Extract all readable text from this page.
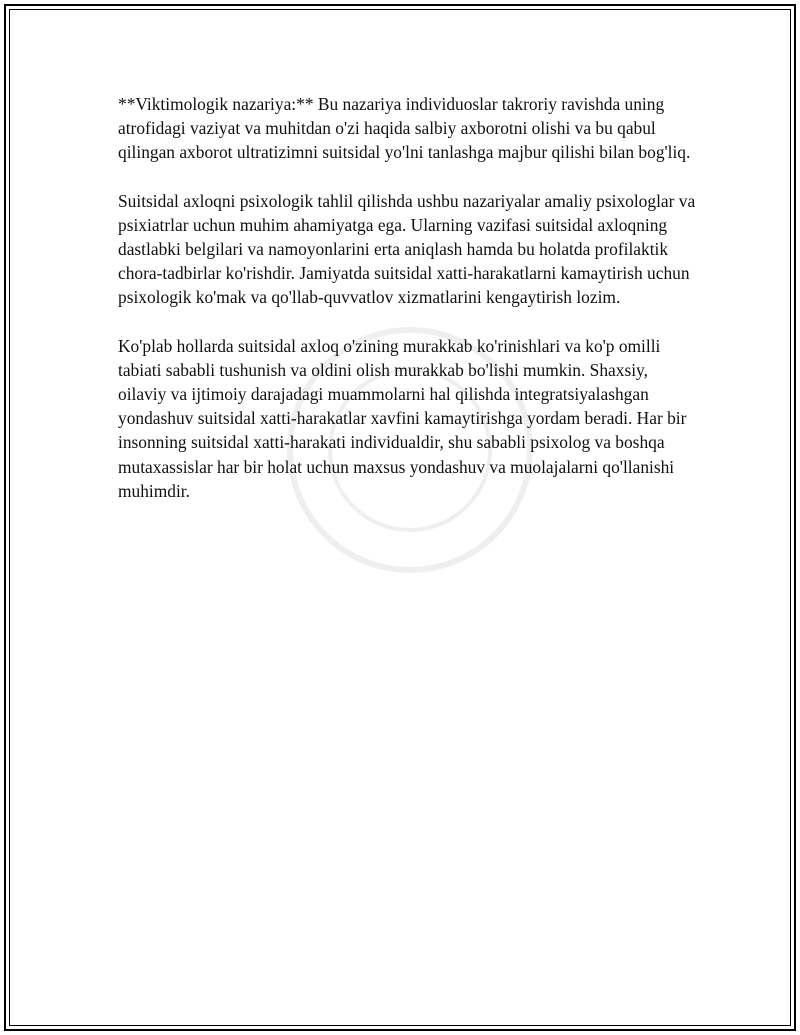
**Viktimologik nazariya:** Bu nazariya individuoslar takroriy ravishda uning atrofidagi vaziyat va muhitdan o'zi haqida salbiy axborotni olishi va bu qabul qilingan axborot ultratizimni suitsidal yo'lni tanlashga majbur qilishi bilan bog'liq.

Suitsidal axloqni psixologik tahlil qilishda ushbu nazariyalar amaliy psixologlar va psixiatrlar uchun muhim ahamiyatga ega. Ularning vazifasi suitsidal axloqning dastlabki belgilari va namoyonlarini erta aniqlash hamda bu holatda profilaktik chora-tadbirlar ko'rishdir. Jamiyatda suitsidal xatti-harakatlarni kamaytirish uchun psixologik ko'mak va qo'llab-quvvatlov xizmatlarini kengaytirish lozim.

Ko'plab hollarda suitsidal axloq o'zining murakkab ko'rinishlari va ko'p omilli tabiati sababli tushunish va oldini olish murakkab bo'lishi mumkin. Shaxsiy, oilaviy va ijtimoiy darajadagi muammolarni hal qilishda integratsiyalashgan yondashuv suitsidal xatti-harakatlar xavfini kamaytirishga yordam beradi. Har bir insonning suitsidal xatti-harakati individualdir, shu sababli psixolog va boshqa mutaxassislar har bir holat uchun maxsus yondashuv va muolajalarni qo'llanishi muhimdir.
